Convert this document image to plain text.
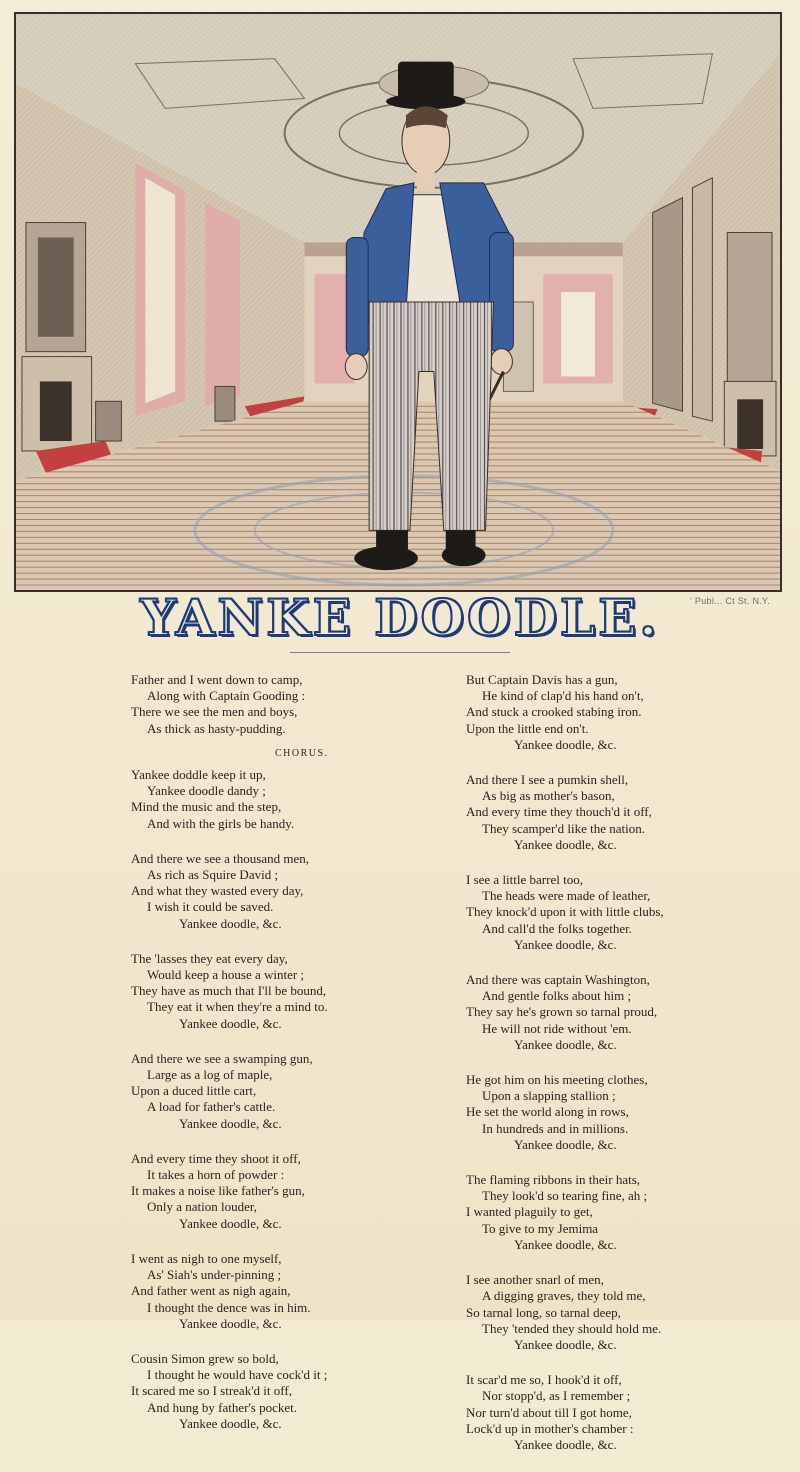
ʻ Publ... Ct St. N.Y.
YANKE DOODLE.
Father and I went down to camp,
Along with Captain Gooding :
There we see the men and boys,
As thick as hasty-pudding.
CHORUS.
Yankee doddle keep it up,
Yankee doodle dandy ;
Mind the music and the step,
And with the girls be handy.
And there we see a thousand men,
As rich as Squire David ;
And what they wasted every day,
I wish it could be saved.
Yankee doodle, &c.
The 'lasses they eat every day,
Would keep a house a winter ;
They have as much that I'll be bound,
They eat it when they're a mind to.
Yankee doodle, &c.
And there we see a swamping gun,
Large as a log of maple,
Upon a duced little cart,
A load for father's cattle.
Yankee doodle, &c.
And every time they shoot it off,
It takes a horn of powder :
It makes a noise like father's gun,
Only a nation louder,
Yankee doodle, &c.
I went as nigh to one myself,
As' Siah's under-pinning ;
And father went as nigh again,
I thought the dence was in him.
Yankee doodle, &c.
Cousin Simon grew so bold,
I thought he would have cock'd it ;
It scared me so I streak'd it off,
And hung by father's pocket.
Yankee doodle, &c.
But Captain Davis has a gun,
He kind of clap'd his hand on't,
And stuck a crooked stabing iron.
Upon the little end on't.
Yankee doodle, &c.
And there I see a pumkin shell,
As big as mother's bason,
And every time they thouch'd it off,
They scamper'd like the nation.
Yankee doodle, &c.
I see a little barrel too,
The heads were made of leather,
They knock'd upon it with little clubs,
And call'd the folks together.
Yankee doodle, &c.
And there was captain Washington,
And gentle folks about him ;
They say he's grown so tarnal proud,
He will not ride without 'em.
Yankee doodle, &c.
He got him on his meeting clothes,
Upon a slapping stallion ;
He set the world along in rows,
In hundreds and in millions.
Yankee doodle, &c.
The flaming ribbons in their hats,
They look'd so tearing fine, ah ;
I wanted plaguily to get,
To give to my Jemima
Yankee doodle, &c.
I see another snarl of men,
A digging graves, they told me,
So tarnal long, so tarnal deep,
They 'tended they should hold me.
Yankee doodle, &c.
It scar'd me so, I hook'd it off,
Nor stopp'd, as I remember ;
Nor turn'd about till I got home,
Lock'd up in mother's chamber :
Yankee doodle, &c.
